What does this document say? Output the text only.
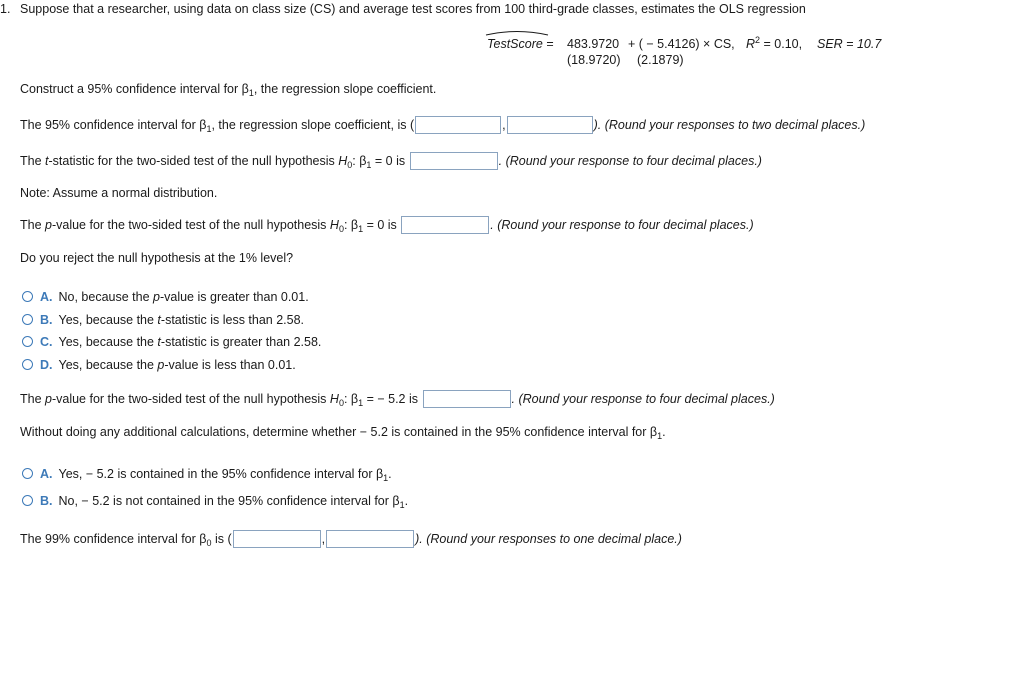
1. Suppose that a researcher, using data on class size (CS) and average test scores from 100 third-grade classes, estimates the OLS regression
TestScore = 483.9720 + ( − 5.4126) × CS, $R^2 = 0.10$, SER = 10.7
(18.9720) (2.1879)
Construct a 95% confidence interval for $\beta_1$, the regression slope coefficient.
The 95% confidence interval for $\beta_1$, the regression slope coefficient, is (	,	). (Round your responses to two decimal places.)
The t-statistic for the two-sided test of the null hypothesis $H_0$: $\beta_1 = 0$ is	. (Round your response to four decimal places.)
Note: Assume a normal distribution.
The p-value for the two-sided test of the null hypothesis $H_0$: $\beta_1 = 0$ is	. (Round your response to four decimal places.)
Do you reject the null hypothesis at the 1% level?
A. No, because the p-value is greater than 0.01.
B. Yes, because the t-statistic is less than 2.58.
C. Yes, because the t-statistic is greater than 2.58.
D. Yes, because the p-value is less than 0.01.
The p-value for the two-sided test of the null hypothesis $H_0$: $\beta_1$ = − 5.2 is	. (Round your response to four decimal places.)
Without doing any additional calculations, determine whether − 5.2 is contained in the 95% confidence interval for $\beta_1$.
A. Yes, − 5.2 is contained in the 95% confidence interval for $\beta_1$.
B. No, − 5.2 is not contained in the 95% confidence interval for $\beta_1$.
The 99% confidence interval for $\beta_0$ is (	,	). (Round your responses to one decimal place.)
